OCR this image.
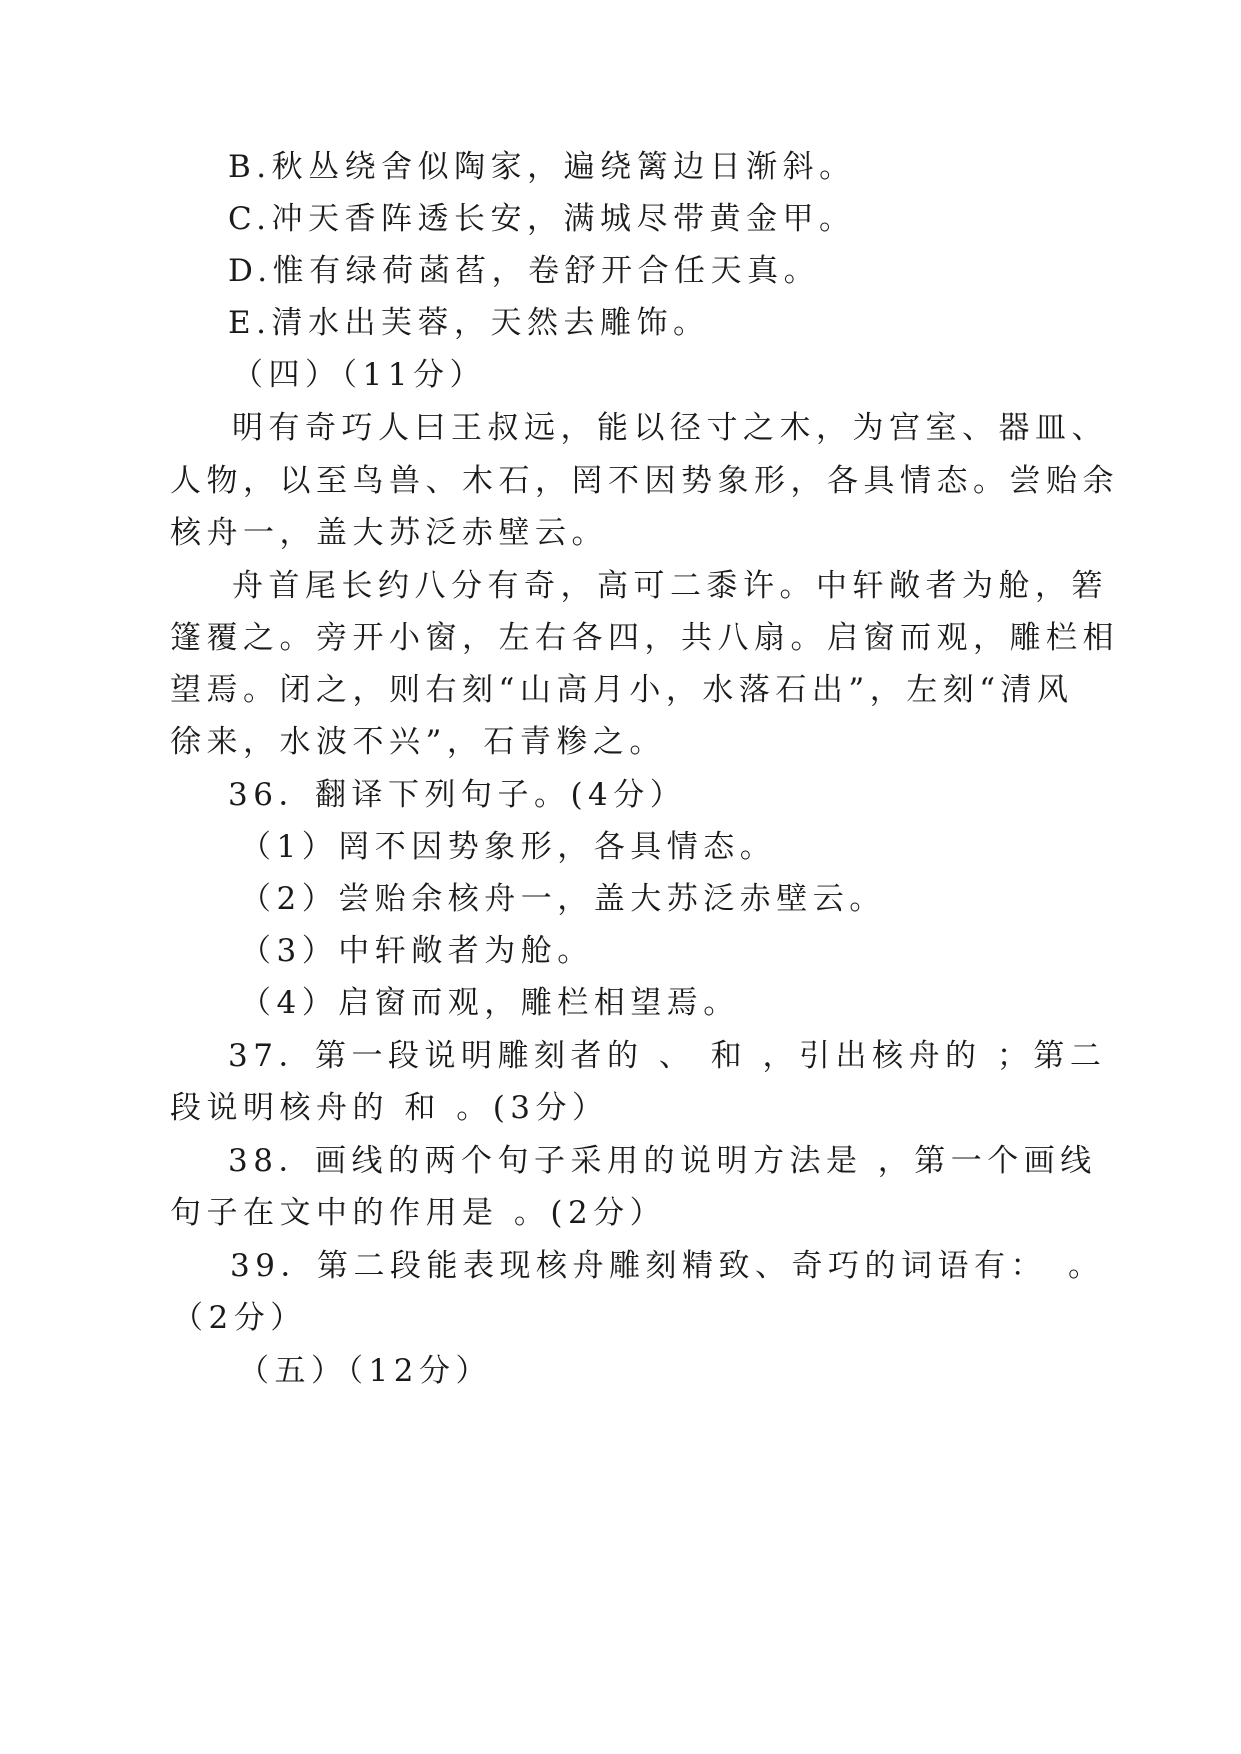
B.秋丛绕舍似陶家，遍绕篱边日渐斜。

C.冲天香阵透长安，满城尽带黄金甲。

D.惟有绿荷菡萏，卷舒开合任天真。

E.清水出芙蓉，天然去雕饰。

（四）（11分）

明有奇巧人曰王叔远，能以径寸之木，为宫室、器皿、

人物，以至鸟兽、木石，罔不因势象形，各具情态。尝贻余

核舟一，盖大苏泛赤壁云。

舟首尾长约八分有奇，高可二黍许。中轩敞者为舱，箬

篷覆之。旁开小窗，左右各四，共八扇。启窗而观，雕栏相

望焉。闭之，则右刻“山高月小，水落石出”，左刻“清风

徐来，水波不兴”，石青糁之。

36．翻译下列句子。(4分）

（1）罔不因势象形，各具情态。

（2）尝贻余核舟一，盖大苏泛赤壁云。

（3）中轩敞者为舱。

（4）启窗而观，雕栏相望焉。

37．第一段说明雕刻者的 、 和 ，引出核舟的 ；第二

段说明核舟的 和 。(3分）

38．画线的两个句子采用的说明方法是 ，第一个画线

句子在文中的作用是 。(2分）

39．第二段能表现核舟雕刻精致、奇巧的词语有：　。

（2分）

（五）（12分）
